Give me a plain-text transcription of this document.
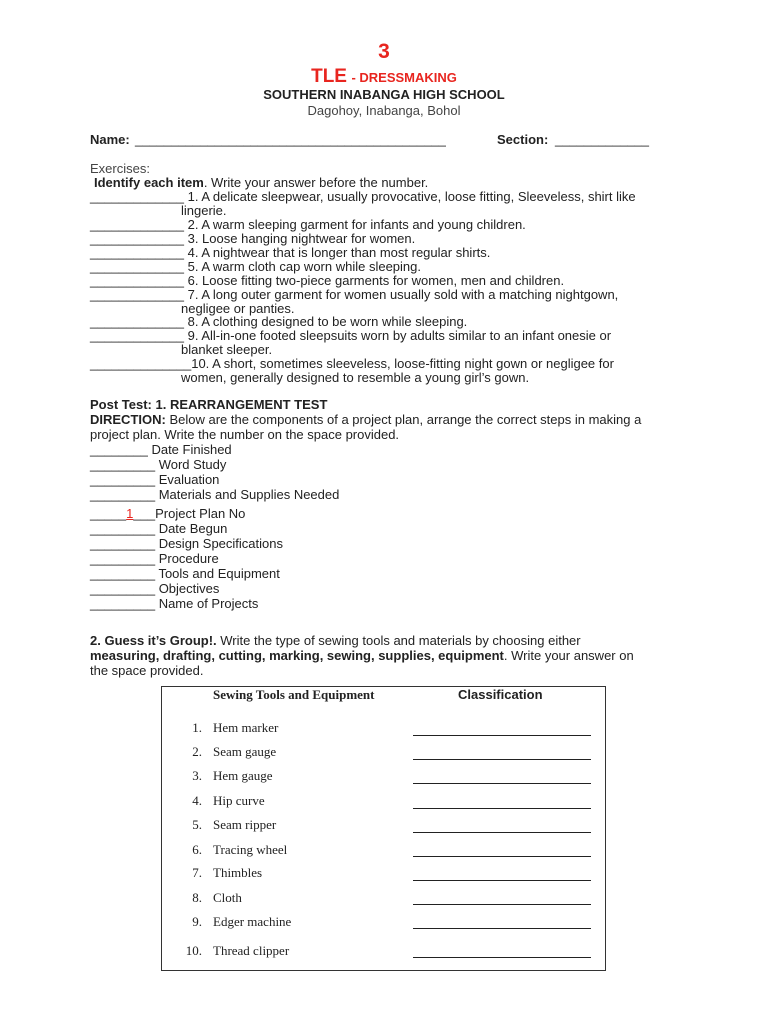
3
TLE - DRESSMAKING
SOUTHERN INABANGA HIGH SCHOOL
Dagohoy, Inabanga, Bohol
Name: ___________________________________________	Section: _____________
Exercises:
Identify each item. Write your answer before the number.
_____________ 1. A delicate sleepwear, usually provocative, loose fitting, Sleeveless, shirt like
lingerie.
_____________ 2. A warm sleeping garment for infants and young children.
_____________ 3. Loose hanging nightwear for women.
_____________ 4. A nightwear that is longer than most regular shirts.
_____________ 5. A warm cloth cap worn while sleeping.
_____________ 6. Loose fitting two-piece garments for women, men and children.
_____________ 7. A long outer garment for women usually sold with a matching nightgown,
negligee or panties.
_____________ 8. A clothing designed to be worn while sleeping.
_____________ 9. All-in-one footed sleepsuits worn by adults similar to an infant onesie or
blanket sleeper.
______________10. A short, sometimes sleeveless, loose-fitting night gown or negligee for
women, generally designed to resemble a young girl’s gown.
Post Test: 1. REARRANGEMENT TEST
DIRECTION: Below are the components of a project plan, arrange the correct steps in making a
project plan. Write the number on the space provided.
________ Date Finished
_________ Word Study
_________ Evaluation
_________ Materials and Supplies Needed
_____1___Project Plan No
_________ Date Begun
_________ Design Specifications
_________ Procedure
_________ Tools and Equipment
_________ Objectives
_________ Name of Projects
2. Guess it’s Group!. Write the type of sewing tools and materials by choosing either
measuring, drafting, cutting, marking, sewing, supplies, equipment. Write your answer on
the space provided.
Sewing Tools and Equipment	Classification
1. Hem marker
2. Seam gauge
3. Hem gauge
4. Hip curve
5. Seam ripper
6. Tracing wheel
7. Thimbles
8. Cloth
9. Edger machine
10. Thread clipper
